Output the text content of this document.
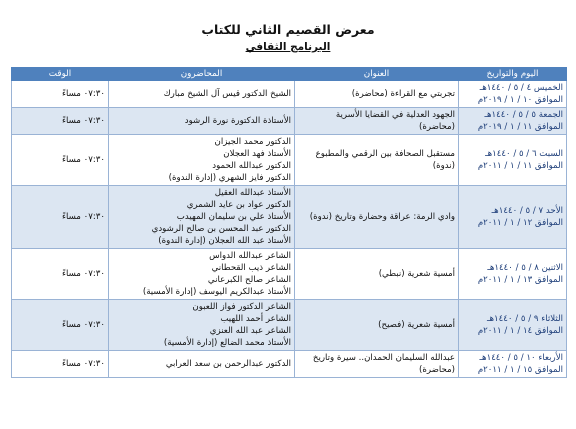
معرض القصيم الثاني للكتاب
البرنامج الثقافي
اليوم والتواريخ	العنوان	المحاضرون	الوقت

الخميس ٤ / ٥ / ١٤٤٠هـ
الموافق ١٠ / ١ / ٢٠١٩م	تجربتي مع القراءة (محاضرة)	الشيخ الدكتور قيس آل الشيخ مبارك	٠٧:٣٠ مساءً

الجمعة ٥ / ٥ / ١٤٤٠هـ
الموافق ١١ / ١ / ٢٠١٩م	الجهود العدلية في القضايا الأسرية
(محاضرة)	الأستاذة الدكتورة نورة الرشود	٠٧:٣٠ مساءً

السبت ٦ / ٥ / ١٤٤٠هـ
الموافق ١١ / ١ / ٢٠١١م	مستقبل الصحافة بين الرقمي والمطبوع
(ندوة)	الدكتور محمد الجيزان
الأستاذ فهد العجلان
الدكتور عبدالله الحمود
الدكتور فايز الشهري (إدارة الندوة)	٠٧:٣٠ مساءً

الأحد ٧ / ٥ / ١٤٤٠هـ
الموافق ١٢ / ١ / ٢٠١١م	وادي الرمة: عراقة وحضارة وتاريخ (ندوة)	الأستاذ عبدالله العقيل
الدكتور عواد بن عايد الشمري
الأستاذ علي بن سليمان المهيدب
الدكتور عبد المحسن بن صالح الرشودي
الأستاذ عبد الله العجلان (إدارة الندوة)	٠٧:٣٠ مساءً

الاثنين ٨ / ٥ / ١٤٤٠هـ
الموافق ١٣ / ١ / ٢٠١١م	أمسية شعرية (نبطي)	الشاعر عبدالله الدواس
الشاعر ذيب القحطاني
الشاعر صالح الكبرعاني
الأستاذ عبدالكريم اليوسف (إدارة الأمسية)	٠٧:٣٠ مساءً

الثلاثاء ٩ / ٥ / ١٤٤٠هـ
الموافق ١٤ / ١ / ٢٠١١م	أمسية شعرية (فصيح)	الشاعر الدكتور فواز اللعبون
الشاعر أحمد اللهيب
الشاعر عبد الله العنزي
الأستاذ محمد الضالع (إدارة الأمسية)	٠٧:٣٠ مساءً

الأربعاء ١٠ / ٥ / ١٤٤٠هـ
الموافق ١٥ / ١ / ٢٠١١م	عبدالله السليمان الحمدان.. سيرة وتاريخ
(محاضرة)	الدكتور عبدالرحمن بن سعد العرابي	٠٧:٣٠ مساءً
